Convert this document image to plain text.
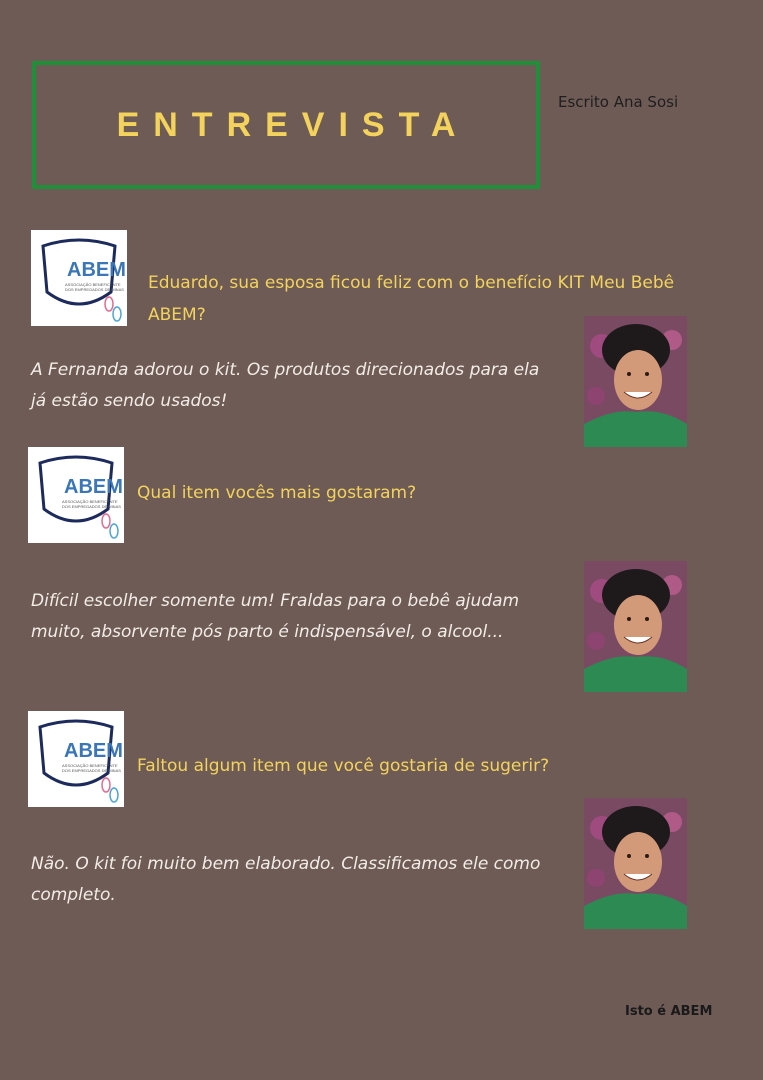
ENTREVISTA
Escrito Ana Sosi
ABEM
ASSOCIAÇÃO BENEFICENTE
DOS EMPREGADOS DE MINAS Eduardo, sua esposa ficou feliz com o benefício KIT Meu Bebê ABEM?
A Fernanda adorou o kit. Os produtos direcionados para ela já estão sendo usados!
ABEM
ASSOCIAÇÃO BENEFICENTE
DOS EMPREGADOS DE MINAS
Qual item vocês mais gostaram?
Difícil escolher somente um! Fraldas para o bebê ajudam muito, absorvente pós parto é indispensável, o alcool...
ABEM
ASSOCIAÇÃO BENEFICENTE
DOS EMPREGADOS DE MINAS Faltou algum item que você gostaria de sugerir?
Não. O kit foi muito bem elaborado. Classificamos ele como completo.
Isto é ABEM
